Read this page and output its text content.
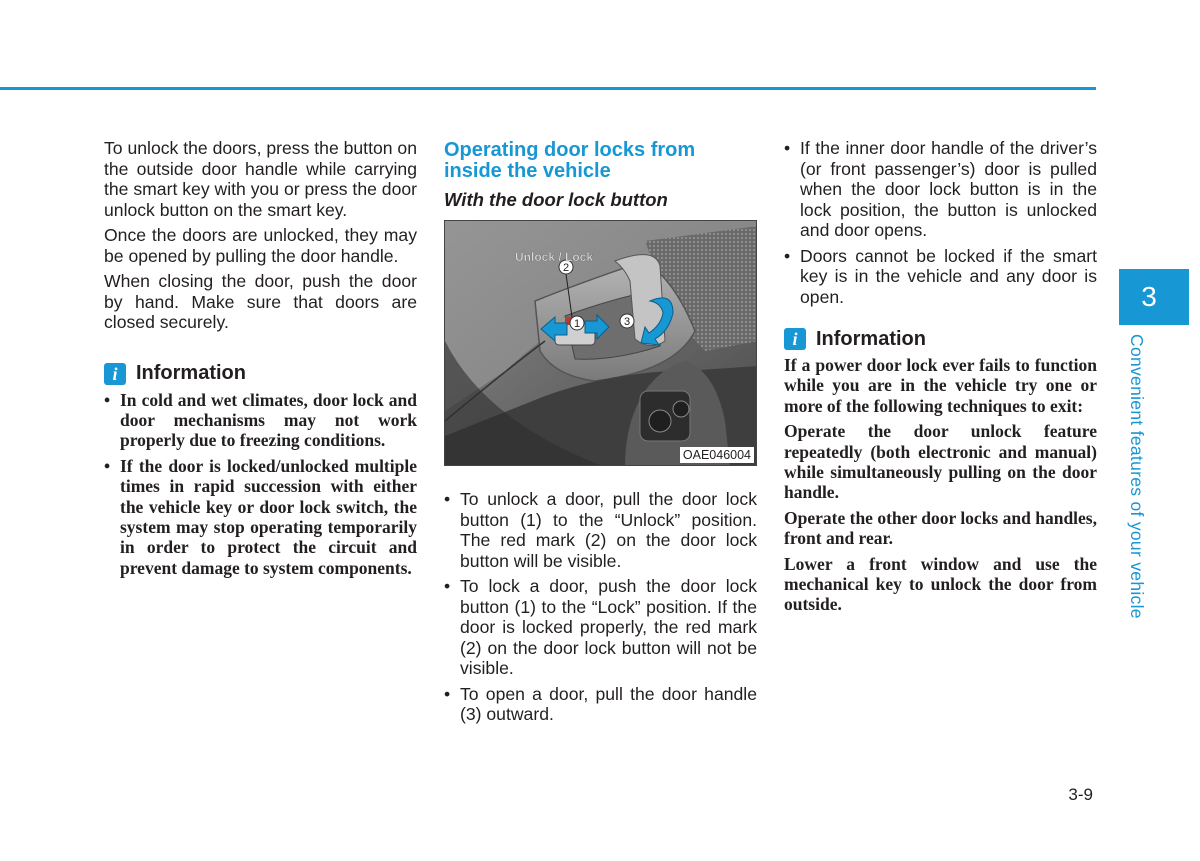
To unlock the doors, press the button on the outside door handle while carrying the smart key with you or press the door unlock button on the smart key.

Once the doors are unlocked, they may be opened by pulling the door handle.

When closing the door, push the door by hand. Make sure that doors are closed securely.

i Information
• In cold and wet climates, door lock and door mechanisms may not work properly due to freezing conditions.
• If the door is locked/unlocked multiple times in rapid succession with either the vehicle key or door lock switch, the system may stop operating temporarily in order to protect the circuit and prevent damage to system components.
Operating door locks from inside the vehicle
With the door lock button
Unlock / Lock
2
1	3
OAE046004
• To unlock a door, pull the door lock button (1) to the “Unlock” position. The red mark (2) on the door lock button will be visible.
• To lock a door, push the door lock button (1) to the “Lock” position. If the door is locked properly, the red mark (2) on the door lock button will not be visible.
• To open a door, pull the door handle (3) outward.
• If the inner door handle of the driver’s (or front passenger’s) door is pulled when the door lock button is in the lock position, the button is unlocked and door opens.
• Doors cannot be locked if the smart key is in the vehicle and any door is open.
i Information

If a power door lock ever fails to function while you are in the vehicle try one or more of the following techniques to exit:

Operate the door unlock feature repeatedly (both electronic and manual) while simultaneously pulling on the door handle.

Operate the other door locks and handles, front and rear.

Lower a front window and use the mechanical key to unlock the door from outside.

3
Convenient features of your vehicle
3-9
